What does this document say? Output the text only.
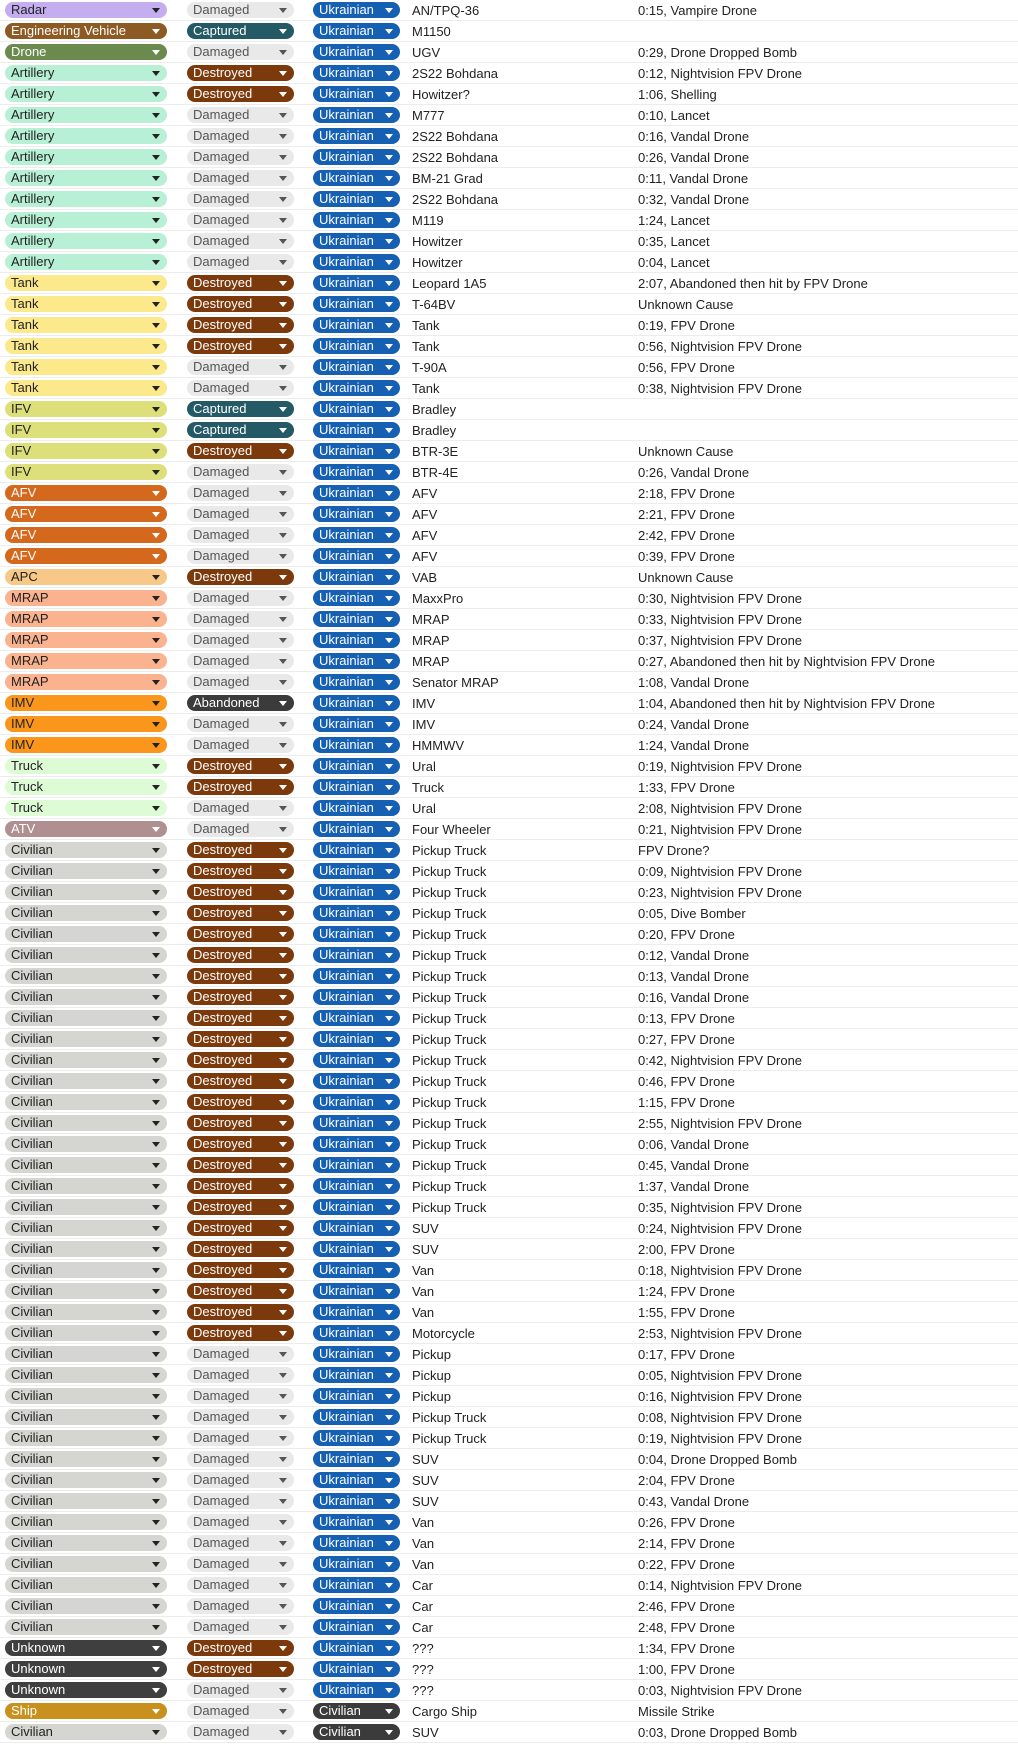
Radar	Damaged	Ukrainian	AN/TPQ-36	0:15, Vampire Drone
Engineering Vehicle	Captured	Ukrainian	M1150
Drone	Damaged	Ukrainian	UGV	0:29, Drone Dropped Bomb
Artillery	Destroyed	Ukrainian	2S22 Bohdana	0:12, Nightvision FPV Drone
Artillery	Destroyed	Ukrainian	Howitzer?	1:06, Shelling
Artillery	Damaged	Ukrainian	M777	0:10, Lancet
Artillery	Damaged	Ukrainian	2S22 Bohdana	0:16, Vandal Drone
Artillery	Damaged	Ukrainian	2S22 Bohdana	0:26, Vandal Drone
Artillery	Damaged	Ukrainian	BM-21 Grad	0:11, Vandal Drone
Artillery	Damaged	Ukrainian	2S22 Bohdana	0:32, Vandal Drone
Artillery	Damaged	Ukrainian	M119	1:24, Lancet
Artillery	Damaged	Ukrainian	Howitzer	0:35, Lancet
Artillery	Damaged	Ukrainian	Howitzer	0:04, Lancet
Tank	Destroyed	Ukrainian	Leopard 1A5	2:07, Abandoned then hit by FPV Drone
Tank	Destroyed	Ukrainian	T-64BV	Unknown Cause
Tank	Destroyed	Ukrainian	Tank	0:19, FPV Drone
Tank	Destroyed	Ukrainian	Tank	0:56, Nightvision FPV Drone
Tank	Damaged	Ukrainian	T-90A	0:56, FPV Drone
Tank	Damaged	Ukrainian	Tank	0:38, Nightvision FPV Drone
IFV	Captured	Ukrainian	Bradley
IFV	Captured	Ukrainian	Bradley
IFV	Destroyed	Ukrainian	BTR-3E	Unknown Cause
IFV	Damaged	Ukrainian	BTR-4E	0:26, Vandal Drone
AFV	Damaged	Ukrainian	AFV	2:18, FPV Drone
AFV	Damaged	Ukrainian	AFV	2:21, FPV Drone
AFV	Damaged	Ukrainian	AFV	2:42, FPV Drone
AFV	Damaged	Ukrainian	AFV	0:39, FPV Drone
APC	Destroyed	Ukrainian	VAB	Unknown Cause
MRAP	Damaged	Ukrainian	MaxxPro	0:30, Nightvision FPV Drone
MRAP	Damaged	Ukrainian	MRAP	0:33, Nightvision FPV Drone
MRAP	Damaged	Ukrainian	MRAP	0:37, Nightvision FPV Drone
MRAP	Damaged	Ukrainian	MRAP	0:27, Abandoned then hit by Nightvision FPV Drone
MRAP	Damaged	Ukrainian	Senator MRAP	1:08, Vandal Drone
IMV	Abandoned	Ukrainian	IMV	1:04, Abandoned then hit by Nightvision FPV Drone
IMV	Damaged	Ukrainian	IMV	0:24, Vandal Drone
IMV	Damaged	Ukrainian	HMMWV	1:24, Vandal Drone
Truck	Destroyed	Ukrainian	Ural	0:19, Nightvision FPV Drone
Truck	Destroyed	Ukrainian	Truck	1:33, FPV Drone
Truck	Damaged	Ukrainian	Ural	2:08, Nightvision FPV Drone
ATV	Damaged	Ukrainian	Four Wheeler	0:21, Nightvision FPV Drone
Civilian	Destroyed	Ukrainian	Pickup Truck	FPV Drone?
Civilian	Destroyed	Ukrainian	Pickup Truck	0:09, Nightvision FPV Drone
Civilian	Destroyed	Ukrainian	Pickup Truck	0:23, Nightvision FPV Drone
Civilian	Destroyed	Ukrainian	Pickup Truck	0:05, Dive Bomber
Civilian	Destroyed	Ukrainian	Pickup Truck	0:20, FPV Drone
Civilian	Destroyed	Ukrainian	Pickup Truck	0:12, Vandal Drone
Civilian	Destroyed	Ukrainian	Pickup Truck	0:13, Vandal Drone
Civilian	Destroyed	Ukrainian	Pickup Truck	0:16, Vandal Drone
Civilian	Destroyed	Ukrainian	Pickup Truck	0:13, FPV Drone
Civilian	Destroyed	Ukrainian	Pickup Truck	0:27, FPV Drone
Civilian	Destroyed	Ukrainian	Pickup Truck	0:42, Nightvision FPV Drone
Civilian	Destroyed	Ukrainian	Pickup Truck	0:46, FPV Drone
Civilian	Destroyed	Ukrainian	Pickup Truck	1:15, FPV Drone
Civilian	Destroyed	Ukrainian	Pickup Truck	2:55, Nightvision FPV Drone
Civilian	Destroyed	Ukrainian	Pickup Truck	0:06, Vandal Drone
Civilian	Destroyed	Ukrainian	Pickup Truck	0:45, Vandal Drone
Civilian	Destroyed	Ukrainian	Pickup Truck	1:37, Vandal Drone
Civilian	Destroyed	Ukrainian	Pickup Truck	0:35, Nightvision FPV Drone
Civilian	Destroyed	Ukrainian	SUV	0:24, Nightvision FPV Drone
Civilian	Destroyed	Ukrainian	SUV	2:00, FPV Drone
Civilian	Destroyed	Ukrainian	Van	0:18, Nightvision FPV Drone
Civilian	Destroyed	Ukrainian	Van	1:24, FPV Drone
Civilian	Destroyed	Ukrainian	Van	1:55, FPV Drone
Civilian	Destroyed	Ukrainian	Motorcycle	2:53, Nightvision FPV Drone
Civilian	Damaged	Ukrainian	Pickup	0:17, FPV Drone
Civilian	Damaged	Ukrainian	Pickup	0:05, Nightvision FPV Drone
Civilian	Damaged	Ukrainian	Pickup	0:16, Nightvision FPV Drone
Civilian	Damaged	Ukrainian	Pickup Truck	0:08, Nightvision FPV Drone
Civilian	Damaged	Ukrainian	Pickup Truck	0:19, Nightvision FPV Drone
Civilian	Damaged	Ukrainian	SUV	0:04, Drone Dropped Bomb
Civilian	Damaged	Ukrainian	SUV	2:04, FPV Drone
Civilian	Damaged	Ukrainian	SUV	0:43, Vandal Drone
Civilian	Damaged	Ukrainian	Van	0:26, FPV Drone
Civilian	Damaged	Ukrainian	Van	2:14, FPV Drone
Civilian	Damaged	Ukrainian	Van	0:22, FPV Drone
Civilian	Damaged	Ukrainian	Car	0:14, Nightvision FPV Drone
Civilian	Damaged	Ukrainian	Car	2:46, FPV Drone
Civilian	Damaged	Ukrainian	Car	2:48, FPV Drone
Unknown	Destroyed	Ukrainian	???	1:34, FPV Drone
Unknown	Destroyed	Ukrainian	???	1:00, FPV Drone
Unknown	Damaged	Ukrainian	???	0:03, Nightvision FPV Drone
Ship	Damaged	Civilian	Cargo Ship	Missile Strike
Civilian	Damaged	Civilian	SUV	0:03, Drone Dropped Bomb
